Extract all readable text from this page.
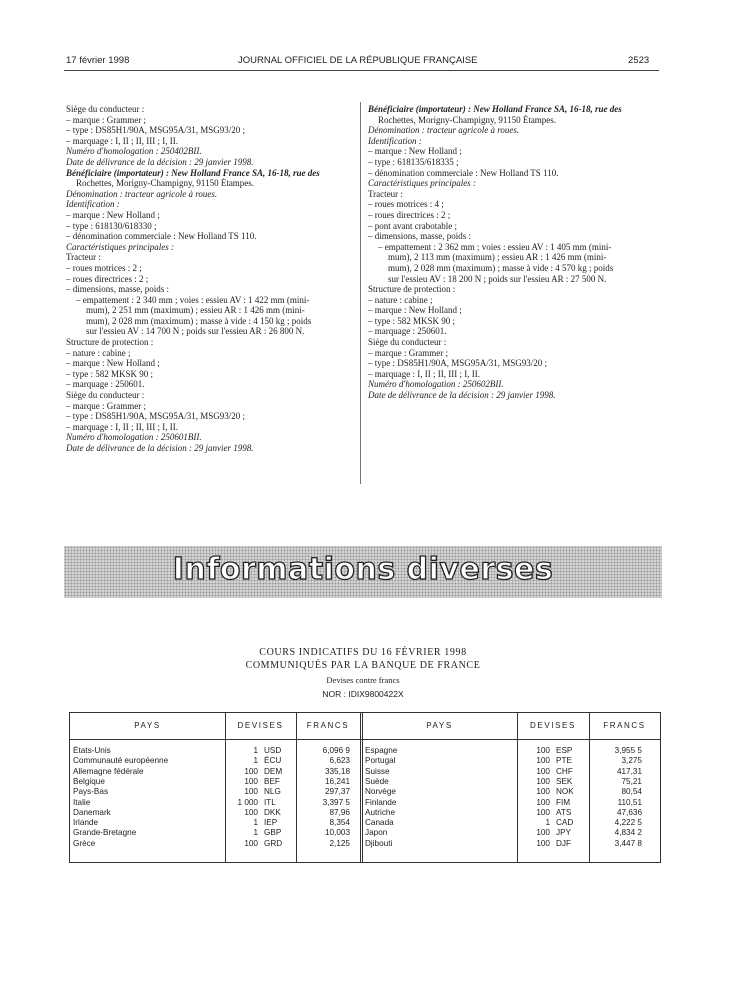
17 février 1998	JOURNAL OFFICIEL DE LA RÉPUBLIQUE FRANÇAISE	2523
Siège du conducteur :
– marque : Grammer ;
– type : DS85H1/90A, MSG95A/31, MSG93/20 ;
– marquage : I, II ; II, III ; I, II.
Numéro d'homologation : 250402BII.
Date de délivrance de la décision : 29 janvier 1998.
Bénéficiaire (importateur) : New Holland France SA, 16-18, rue des
Rochettes, Morigny-Champigny, 91150 Étampes.
Dénomination : tracteur agricole à roues.
Identification :
– marque : New Holland ;
– type : 618130/618330 ;
– dénomination commerciale : New Holland TS 110.
Caractéristiques principales :
Tracteur :
– roues motrices : 2 ;
– roues directrices : 2 ;
– dimensions, masse, poids :
– empattement : 2 340 mm ; voies : essieu AV : 1 422 mm (mini-
mum), 2 251 mm (maximum) ; essieu AR : 1 426 mm (mini-
mum), 2 028 mm (maximum) ; masse à vide : 4 150 kg ; poids
sur l'essieu AV : 14 700 N ; poids sur l'essieu AR : 26 800 N.
Structure de protection :
– nature : cabine ;
– marque : New Holland ;
– type : 582 MKSK 90 ;
– marquage : 250601.
Siège du conducteur :
– marque : Grammer ;
– type : DS85H1/90A, MSG95A/31, MSG93/20 ;
– marquage : I, II ; II, III ; I, II.
Numéro d'homologation : 250601BII.
Date de délivrance de la décision : 29 janvier 1998.
Bénéficiaire (importateur) : New Holland France SA, 16-18, rue des
Rochettes, Morigny-Champigny, 91150 Étampes.
Dénomination : tracteur agricole à roues.
Identification :
– marque : New Holland ;
– type : 618135/618335 ;
– dénomination commerciale : New Holland TS 110.
Caractéristiques principales :
Tracteur :
– roues motrices : 4 ;
– roues directrices : 2 ;
– pont avant crabotable ;
– dimensions, masse, poids :
– empattement : 2 362 mm ; voies : essieu AV : 1 405 mm (mini-
mum), 2 113 mm (maximum) ; essieu AR : 1 426 mm (mini-
mum), 2 028 mm (maximum) ; masse à vide : 4 570 kg ; poids
sur l'essieu AV : 18 200 N ; poids sur l'essieu AR : 27 500 N.
Structure de protection :
– nature : cabine ;
– marque : New Holland ;
– type : 582 MKSK 90 ;
– marquage : 250601.
Siège du conducteur :
– marque : Grammer ;
– type : DS85H1/90A, MSG95A/31, MSG93/20 ;
– marquage : I, II ; II, III ; I, II.
Numéro d'homologation : 250602BII.
Date de délivrance de la décision : 29 janvier 1998.
Informations diverses
COURS INDICATIFS DU 16 FÉVRIER 1998
COMMUNIQUÉS PAR LA BANQUE DE FRANCE
Devises contre francs
NOR : IDIX9800422X
PAYS	DEVISES	FRANCS	PAYS	DEVISES	FRANCS
États-Unis	1 USD	6,096 9
Communauté européenne	1 ÉCU	6,623
Allemagne fédérale	100 DEM	335,18
Belgique	100 BEF	16,241
Pays-Bas	100 NLG	297,37
Italie	1 000 ITL	3,397 5
Danemark	100 DKK	87,96
Irlande	1 IEP	8,354
Grande-Bretagne	1 GBP	10,003
Grèce	100 GRD	2,125
Espagne	100 ESP	3,955 5
Portugal	100 PTE	3,275
Suisse	100 CHF	417,31
Suède	100 SEK	75,21
Norvège	100 NOK	80,54
Finlande	100 FIM	110,51
Autriche	100 ATS	47,636
Canada	1 CAD	4,222 5
Japon	100 JPY	4,834 2
Djibouti	100 DJF	3,447 8
